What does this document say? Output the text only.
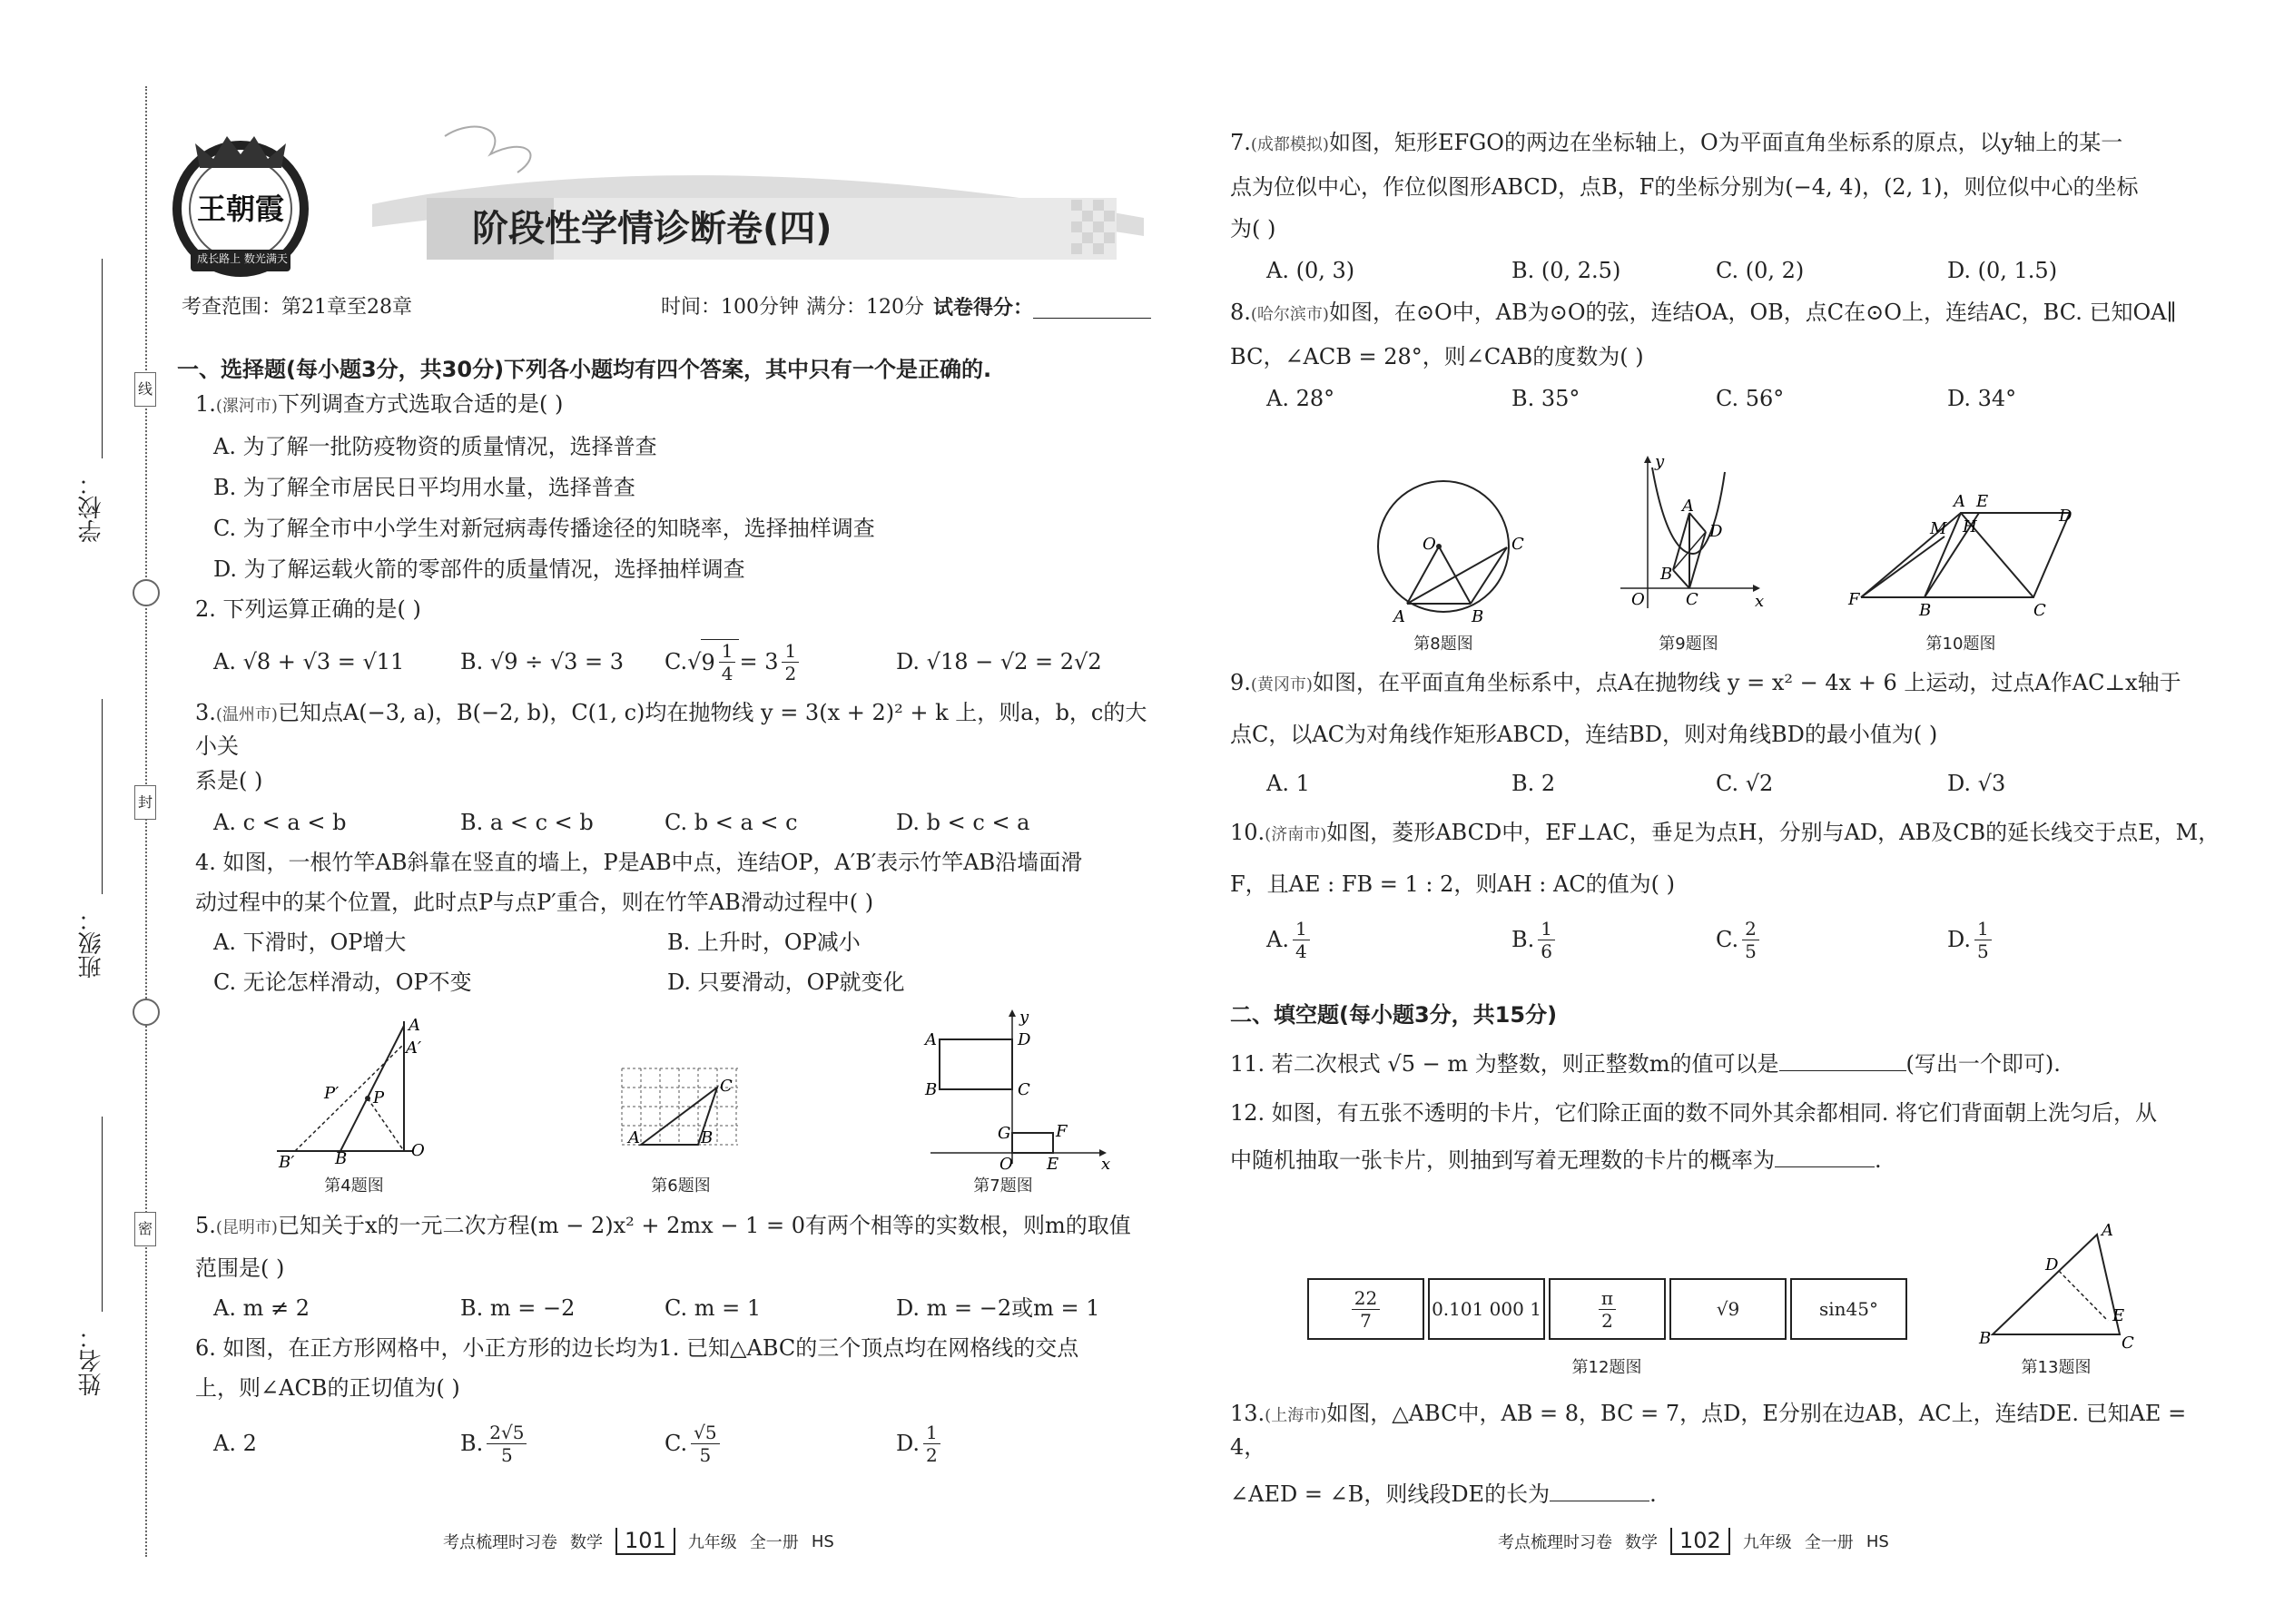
线
封
密
学校：
班级：
姓名：
王朝霞
成长路上 数光满天
阶段性学情诊断卷(四)
考查范围：第21章至28章	时间：100分钟 满分：120分 试卷得分：

一、选择题(每小题3分，共30分)下列各小题均有四个答案，其中只有一个是正确的.

1.(漯河市)下列调查方式选取合适的是( )

A. 为了解一批防疫物资的质量情况，选择普查

B. 为了解全市居民日平均用水量，选择普查

C. 为了解全市中小学生对新冠病毒传播途径的知晓率，选择抽样调查

D. 为了解运载火箭的零部件的质量情况，选择抽样调查

2. 下列运算正确的是( )

A. √8 + √3 = √11	B. √9 ÷ √3 = 3	C. √ $9 \frac{1}{4} = 3 \frac{1}{2}$	D. √18 − √2 = 2√2

3.(温州市)已知点A(−3, a)，B(−2, b)，C(1, c)均在抛物线 y = 3(x + 2)² + k 上，则a，b，c的大小关

系是( )

A. c < a < b	B. a < c < b	C. b < a < c	D. b < c < a

4. 如图，一根竹竿AB斜靠在竖直的墙上，P是AB中点，连结OP，A′B′表示竹竿AB沿墙面滑

动过程中的某个位置，此时点P与点P′重合，则在竹竿AB滑动过程中( )

A. 下滑时，OP增大	B. 上升时，OP减小
C. 无论怎样滑动，OP不变	D. 只要滑动，OP就变化
A
A′
P
P′
B′ B	O
第4题图
A	B
C
第6题图
y
x
A
B	C
D
G	F
O E
第7题图

5.(昆明市)已知关于x的一元二次方程(m − 2)x² + 2mx − 1 = 0有两个相等的实数根，则m的取值

范围是( )

A. m ≠ 2	B. m = −2	C. m = 1	D. m = −2或m = 1

6. 如图，在正方形网格中，小正方形的边长均为1. 已知△ABC的三个顶点均在网格线的交点

上，则∠ACB的正切值为( )

A. 2	B. $\frac{2√5}{5}$	C. $\frac{√5}{5}$	D. $\frac{1}{2}$
考点梳理时习卷 数学	101	九年级 全一册 HS

7.(成都模拟)如图，矩形EFGO的两边在坐标轴上，O为平面直角坐标系的原点，以y轴上的某一

点为位似中心，作位似图形ABCD，点B，F的坐标分别为(−4, 4)，(2, 1)，则位似中心的坐标

为( )

A. (0, 3)	B. (0, 2.5)	C. (0, 2)	D. (0, 1.5)

8.(哈尔滨市)如图，在⊙O中，AB为⊙O的弦，连结OA，OB，点C在⊙O上，连结AC，BC. 已知OA∥

BC，∠ACB = 28°，则∠CAB的度数为( )

A. 28°	B. 35°	C. 56°	D. 34°
O	C
A	B
第8题图
y
x
O
A
B
C
D
第9题图
A E
D
M H
F
B	C
第10题图

9.(黄冈市)如图，在平面直角坐标系中，点A在抛物线 y = x² − 4x + 6 上运动，过点A作AC⊥x轴于

点C，以AC为对角线作矩形ABCD，连结BD，则对角线BD的最小值为( )

A. 1	B. 2	C. √2	D. √3

10.(济南市)如图，菱形ABCD中，EF⊥AC，垂足为点H，分别与AD，AB及CB的延长线交于点E，M，

F，且AE : FB = 1 : 2，则AH : AC的值为( )

A. $\frac{1}{4}$	B. $\frac{1}{6}$	C. $\frac{2}{5}$	D. $\frac{1}{5}$

二、填空题(每小题3分，共15分)

11. 若二次根式 √5 − m 为整数，则正整数m的值可以是	(写出一个即可).

12. 如图，有五张不透明的卡片，它们除正面的数不同外其余都相同. 将它们背面朝上洗匀后，从

中随机抽取一张卡片，则抽到写着无理数的卡片的概率为	.

$\frac{22}{7}$	0.101 000 1	$\frac{\pi}{2}$	√9	sin45°
第12题图
A
D
E
B	C
第13题图

13.(上海市)如图，△ABC中，AB = 8，BC = 7，点D，E分别在边AB，AC上，连结DE. 已知AE = 4，

∠AED = ∠B，则线段DE的长为	.

考点梳理时习卷 数学	102	九年级 全一册 HS
